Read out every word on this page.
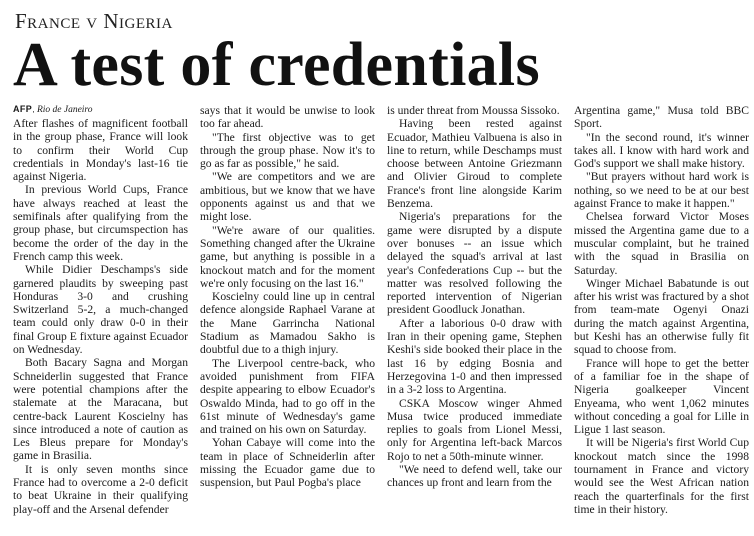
France v Nigeria
A test of credentials
AFP, Rio de Janeiro

After flashes of magnificent football in the group phase, France will look to confirm their World Cup credentials in Monday's last-16 tie against Nigeria.

In previous World Cups, France have always reached at least the semifinals after qualifying from the group phase, but circumspection has become the order of the day in the French camp this week.

While Didier Deschamps's side garnered plaudits by sweeping past Honduras 3-0 and crushing Switzerland 5-2, a much-changed team could only draw 0-0 in their final Group E fixture against Ecuador on Wednesday.

Both Bacary Sagna and Morgan Schneiderlin suggested that France were potential champions after the stalemate at the Maracana, but centre-back Laurent Koscielny has since introduced a note of caution as Les Bleus prepare for Monday's game in Brasilia.

It is only seven months since France had to overcome a 2-0 deficit to beat Ukraine in their qualifying play-off and the Arsenal defender

says that it would be unwise to look too far ahead.

"The first objective was to get through the group phase. Now it's to go as far as possible," he said.

"We are competitors and we are ambitious, but we know that we have opponents against us and that we might lose.

"We're aware of our qualities. Something changed after the Ukraine game, but anything is possible in a knockout match and for the moment we're only focusing on the last 16."

Koscielny could line up in central defence alongside Raphael Varane at the Mane Garrincha National Stadium as Mamadou Sakho is doubtful due to a thigh injury.

The Liverpool centre-back, who avoided punishment from FIFA despite appearing to elbow Ecuador's Oswaldo Minda, had to go off in the 61st minute of Wednesday's game and trained on his own on Saturday.

Yohan Cabaye will come into the team in place of Schneiderlin after missing the Ecuador game due to suspension, but Paul Pogba's place

is under threat from Moussa Sissoko.

Having been rested against Ecuador, Mathieu Valbuena is also in line to return, while Deschamps must choose between Antoine Griezmann and Olivier Giroud to complete France's front line alongside Karim Benzema.

Nigeria's preparations for the game were disrupted by a dispute over bonuses -- an issue which delayed the squad's arrival at last year's Confederations Cup -- but the matter was resolved following the reported intervention of Nigerian president Goodluck Jonathan.

After a laborious 0-0 draw with Iran in their opening game, Stephen Keshi's side booked their place in the last 16 by edging Bosnia and Herzegovina 1-0 and then impressed in a 3-2 loss to Argentina.

CSKA Moscow winger Ahmed Musa twice produced immediate replies to goals from Lionel Messi, only for Argentina left-back Marcos Rojo to net a 50th-minute winner.

"We need to defend well, take our chances up front and learn from the

Argentina game," Musa told BBC Sport.

"In the second round, it's winner takes all. I know with hard work and God's support we shall make history.

"But prayers without hard work is nothing, so we need to be at our best against France to make it happen."

Chelsea forward Victor Moses missed the Argentina game due to a muscular complaint, but he trained with the squad in Brasilia on Saturday.

Winger Michael Babatunde is out after his wrist was fractured by a shot from team-mate Ogenyi Onazi during the match against Argentina, but Keshi has an otherwise fully fit squad to choose from.

France will hope to get the better of a familiar foe in the shape of Nigeria goalkeeper Vincent Enyeama, who went 1,062 minutes without conceding a goal for Lille in Ligue 1 last season.

It will be Nigeria's first World Cup knockout match since the 1998 tournament in France and victory would see the West African nation reach the quarterfinals for the first time in their history.
